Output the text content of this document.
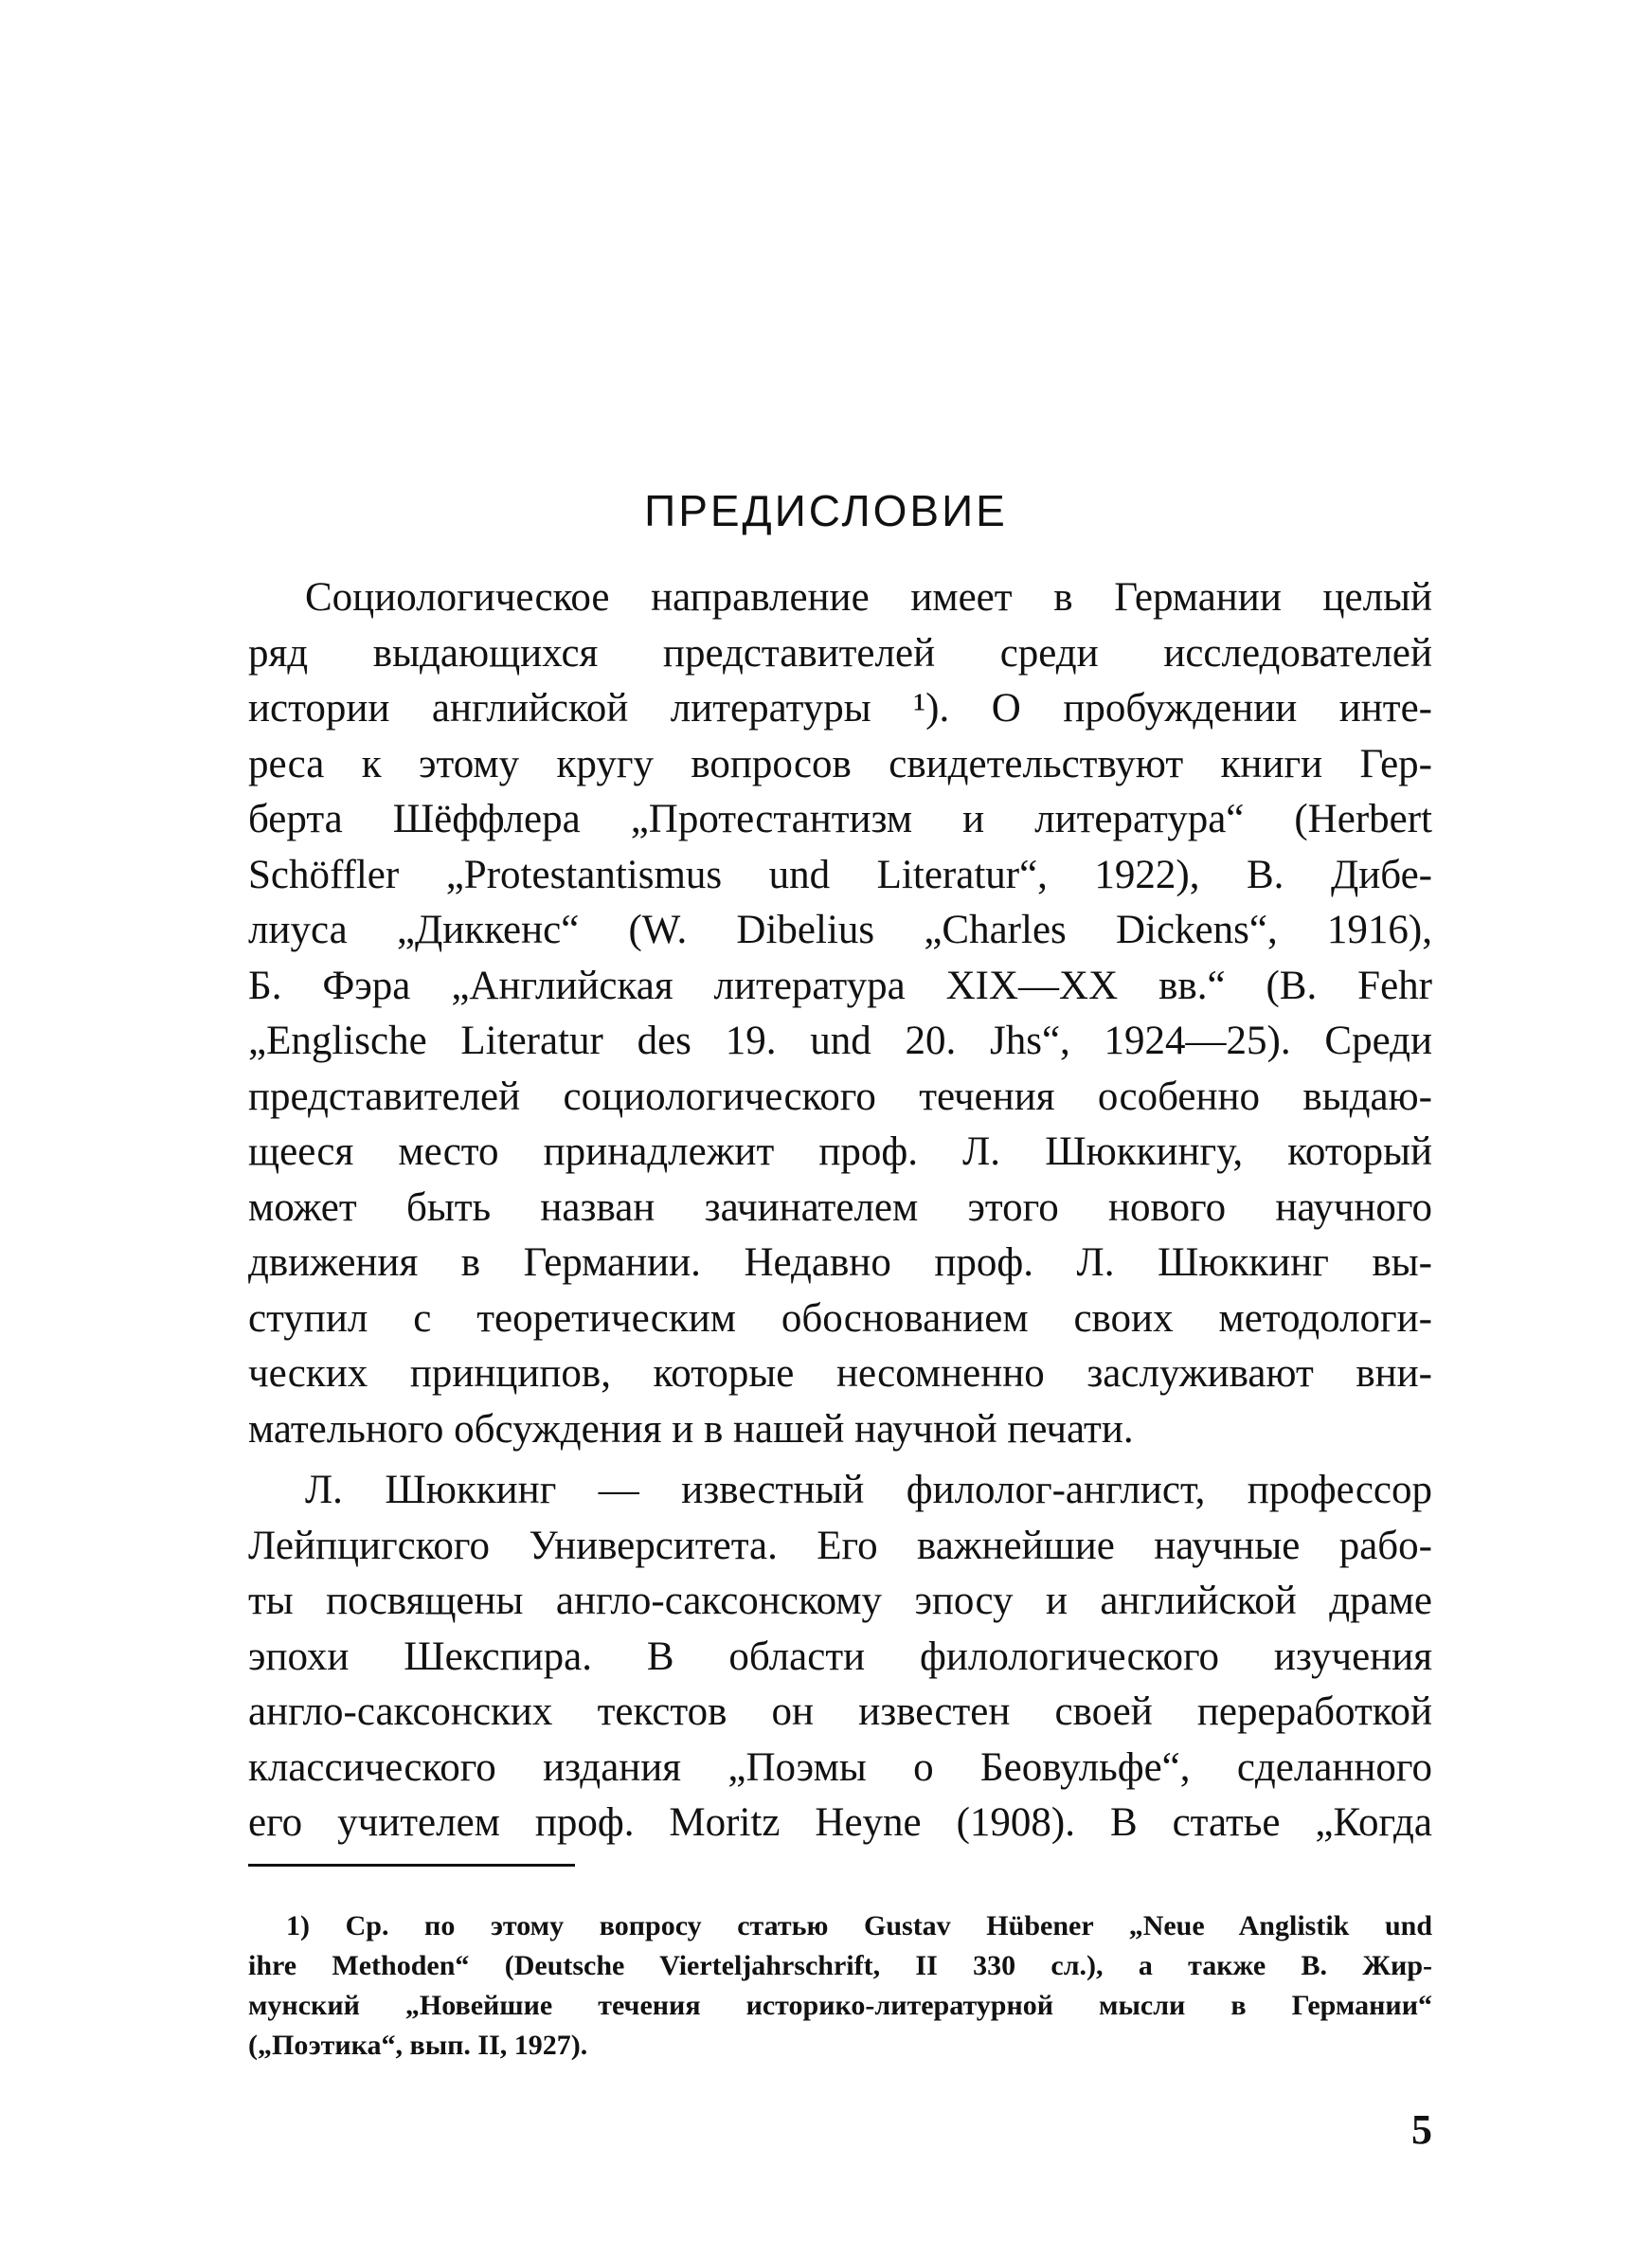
ПРЕДИСЛОВИЕ
Социологическое направление имеет в Германии целый
ряд выдающихся представителей среди исследователей
истории английской литературы ¹). О пробуждении инте-
реса к этому кругу вопросов свидетельствуют книги Гер-
берта Шёффлера „Протестантизм и литература“ (Herbert
Schöffler „Protestantismus und Literatur“, 1922), В. Дибе-
лиуса „Диккенс“ (W. Dibelius „Charles Dickens“, 1916),
Б. Фэра „Английская литература XIX—XX вв.“ (B. Fehr
„Englische Literatur des 19. und 20. Jhs“, 1924—25). Среди
представителей социологического течения особенно выдаю-
щееся место принадлежит проф. Л. Шюккингу, который
может быть назван зачинателем этого нового научного
движения в Германии. Недавно проф. Л. Шюккинг вы-
ступил с теоретическим обоснованием своих методологи-
ческих принципов, которые несомненно заслуживают вни-
мательного обсуждения и в нашей научной печати.
Л. Шюккинг — известный филолог-англист, профессор
Лейпцигского Университета. Его важнейшие научные рабо-
ты посвящены англо-саксонскому эпосу и английской драме
эпохи Шекспира. В области филологического изучения
англо-саксонских текстов он известен своей переработкой
классического издания „Поэмы о Беовульфе“, сделанного
его учителем проф. Moritz Heyne (1908). В статье „Когда
1) Ср. по этому вопросу статью Gustav Hübener „Neue Anglistik und
ihre Methoden“ (Deutsche Vierteljahrschrift, II 330 сл.), а также В. Жир-
мунский „Новейшие течения историко-литературной мысли в Германии“
(„Поэтика“, вып. II, 1927).
5
